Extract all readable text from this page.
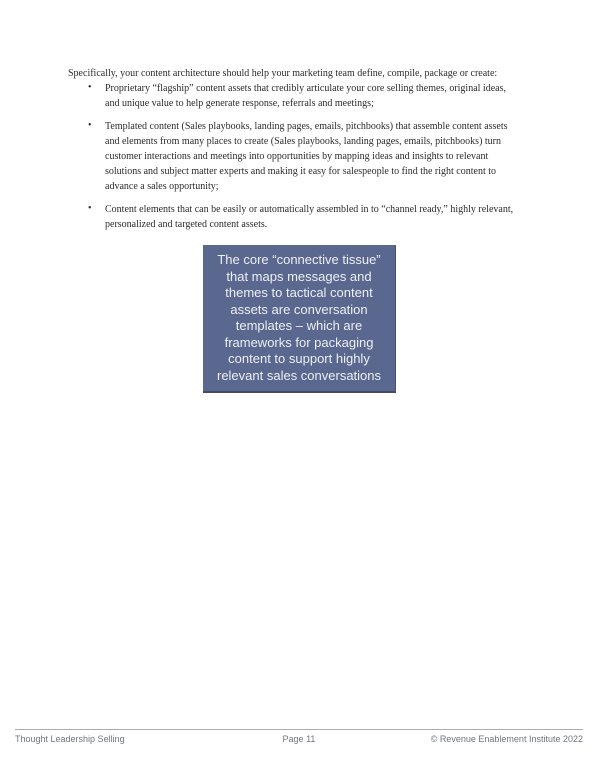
Specifically, your content architecture should help your marketing team define, compile, package or create:

• Proprietary “flagship” content assets that credibly articulate your core selling themes, original ideas, and unique value to help generate response, referrals and meetings;
• Templated content (Sales playbooks, landing pages, emails, pitchbooks) that assemble content assets and elements from many places to create (Sales playbooks, landing pages, emails, pitchbooks) turn customer interactions and meetings into opportunities by mapping ideas and insights to relevant solutions and subject matter experts and making it easy for salespeople to find the right content to advance a sales opportunity;
• Content elements that can be easily or automatically assembled in to “channel ready,” highly relevant, personalized and targeted content assets.
The core “connective tissue” that maps messages and themes to tactical content assets are conversation templates – which are frameworks for packaging content to support highly relevant sales conversations
Thought Leadership Selling	Page 11	© Revenue Enablement Institute 2022
